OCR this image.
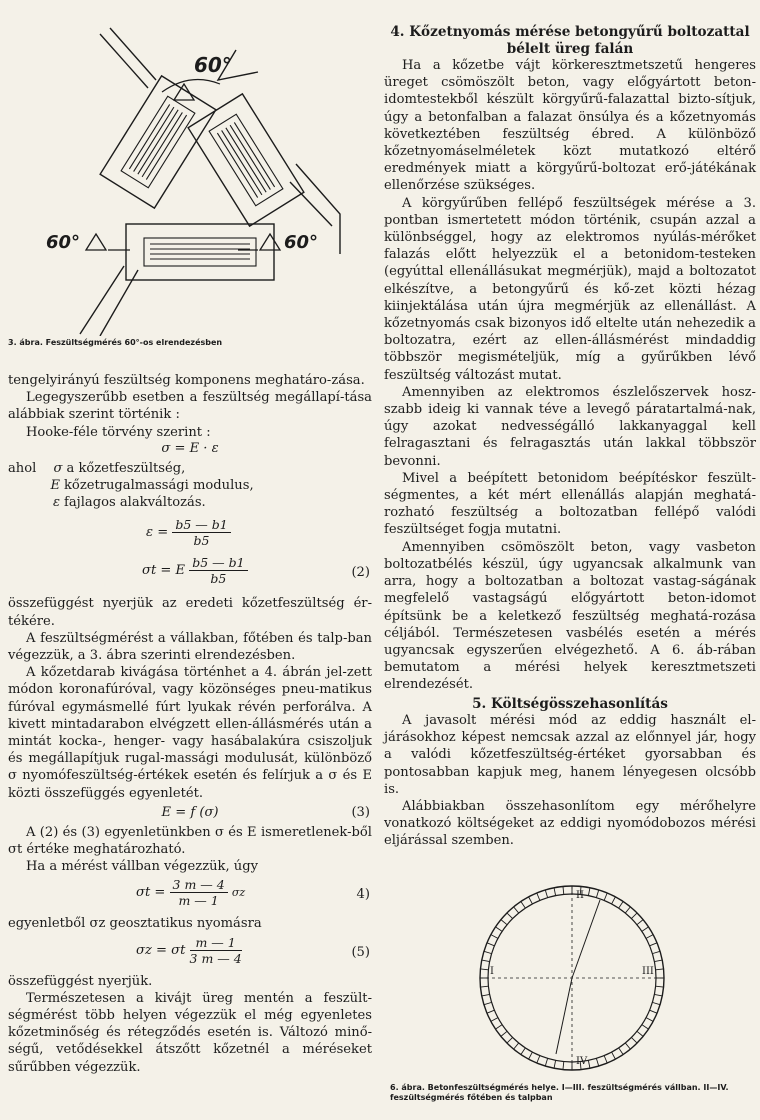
60°
60°	60°
3. ábra. Feszültségmérés 60°-os elrendezésben

tengelyirányú feszültség komponens meghatáro-zása.

Legegyszerűbb esetben a feszültség megállapí-tása alábbiak szerint történik :

Hooke-féle törvény szerint :

σ = E · ε

ahol σ a kőzetfeszültség,

E kőzetrugalmassági modulus,

ε fajlagos alakváltozás.

$\varepsilon = \frac{b5 — b1}{b5}$
σt = E $\frac{b5 — b1}{b5}$	(2)

összefüggést nyerjük az eredeti kőzetfeszültség ér-tékére.

A feszültségmérést a vállakban, főtében és talp-ban végezzük, a 3. ábra szerinti elrendezésben.

A kőzetdarab kivágása történhet a 4. ábrán jel-zett módon koronafúróval, vagy közönséges pneu-matikus fúróval egymásmellé fúrt lyukak révén perforálva. A kivett mintadarabon elvégzett ellen-állásmérés után a mintát kocka-, henger- vagy hasábalakúra csiszoljuk és megállapítjuk rugal-massági modulusát, különböző σ nyomófeszültség-értékek esetén és felírjuk a σ és E közti összefüggés egyenletét.

E = f (σ)	(3)

A (2) és (3) egyenletünkben σ és E ismeretlenek-ből σt értéke meghatározható.

Ha a mérést vállban végezzük, úgy

$\sigma t = \frac{3 m — 4}{m — 1}$ σz	4)

egyenletből σz geosztatikus nyomásra

σz = σt $\frac{m — 1}{3 m — 4}$	(5)

összefüggést nyerjük.

Természetesen a kivájt üreg mentén a feszült-ségmérést több helyen végezzük el még egyenletes kőzetminőség és rétegződés esetén is. Változó minő-ségű, vetődésekkel átszőtt kőzetnél a méréseket sűrűbben végezzük.

4. Kőzetnyomás mérése betongyűrű boltozattal bélelt üreg falán

Ha a kőzetbe vájt körkeresztmetszetű hengeres üreget csömöszölt beton, vagy előgyártott beton-idomtestekből készült körgyűrű-falazattal bizto-sítjuk, úgy a betonfalban a falazat önsúlya és a kőzetnyomás következtében feszültség ébred. A különböző kőzetnyomáselméletek közt mutatkozó eltérő eredmények miatt a körgyűrű-boltozat erő-játékának ellenőrzése szükséges.

A körgyűrűben fellépő feszültségek mérése a 3. pontban ismertetett módon történik, csupán azzal a különbséggel, hogy az elektromos nyúlás-mérőket falazás előtt helyezzük el a betonidom-testeken (egyúttal ellenállásukat megmérjük), majd a boltozatot elkészítve, a betongyűrű és kő-zet közti hézag kiinjektálása után újra megmérjük az ellenállást. A kőzetnyomás csak bizonyos idő eltelte után nehezedik a boltozatra, ezért az ellen-állásmérést mindaddig többször megismételjük, míg a gyűrűkben lévő feszültség változást mutat.

Amennyiben az elektromos észlelőszervek hosz-szabb ideig ki vannak téve a levegő páratartalmá-nak, úgy azokat nedvességálló lakkanyaggal kell felragasztani és felragasztás után lakkal többször bevonni.

Mivel a beépített betonidom beépítéskor feszült-ségmentes, a két mért ellenállás alapján meghatá-rozható feszültség a boltozatban fellépő valódi feszültséget fogja mutatni.

Amennyiben csömöszölt beton, vagy vasbeton boltozatbélés készül, úgy ugyancsak alkalmunk van arra, hogy a boltozatban a boltozat vastag-ságának megfelelő vastagságú előgyártott beton-idomot építsünk be a keletkező feszültség meghatá-rozása céljából. Természetesen vasbélés esetén a mérés ugyancsak egyszerűen elvégezhető. A 6. áb-rában bemutatom a mérési helyek keresztmetszeti elrendezését.

5. Költségösszehasonlítás

A javasolt mérési mód az eddig használt el-járásokhoz képest nemcsak azzal az előnnyel jár, hogy a valódi kőzetfeszültség-értéket gyorsabban és pontosabban kapjuk meg, hanem lényegesen olcsóbb is.

Alábbiakban összehasonlítom egy mérőhelyre vonatkozó költségeket az eddigi nyomódobozos mérési eljárással szemben.

I
II
III
IV
6. ábra. Betonfeszültségmérés helye. I—III. feszültségmérés vállban. II—IV. feszültségmérés főtében és talpban
